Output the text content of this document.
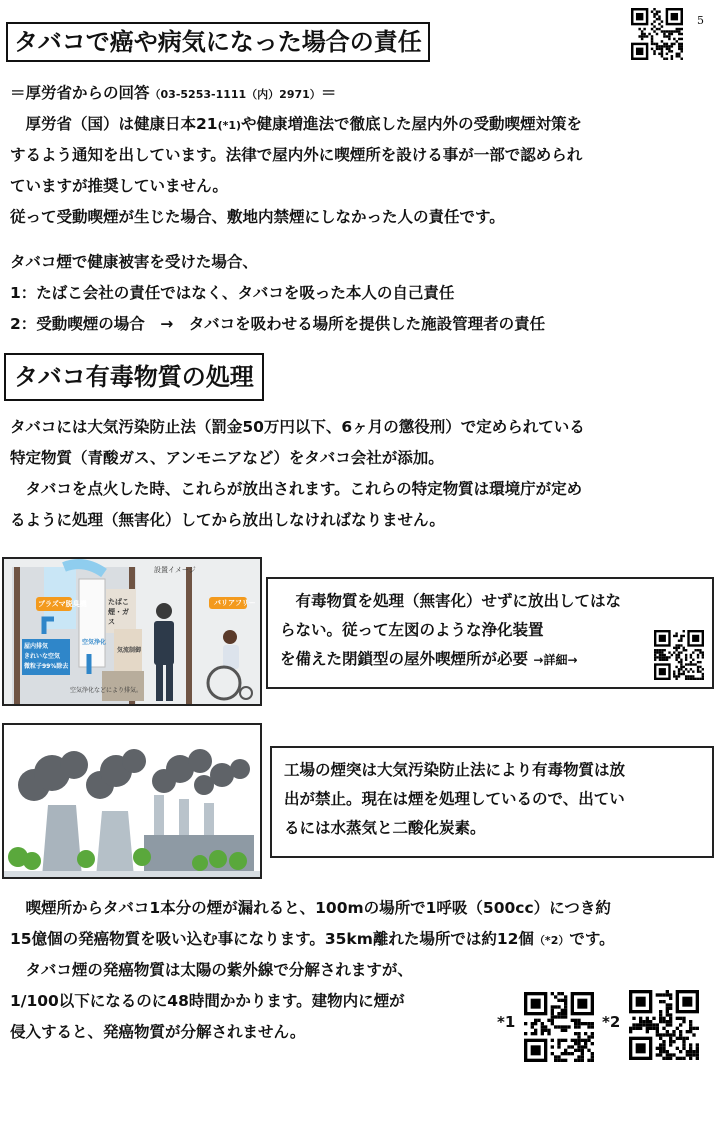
5
タバコで癌や病気になった場合の責任
＝厚労省からの回答（03-5253-1111（内）2971）＝
　厚労省（国）は健康日本21(*1)や健康増進法で徹底した屋内外の受動喫煙対策を
するよう通知を出しています。法律で屋内外に喫煙所を設ける事が一部で認められ
ていますが推奨していません。
従って受動喫煙が生じた場合、敷地内禁煙にしなかった人の責任です。
タバコ煙で健康被害を受けた場合、
1：たばこ会社の責任ではなく、タバコを吸った本人の自己責任
2：受動喫煙の場合　→　タバコを吸わせる場所を提供した施設管理者の責任
タバコ有毒物質の処理
タバコには大気汚染防止法（罰金50万円以下、6ヶ月の懲役刑）で定められている
特定物質（青酸ガス、アンモニアなど）をタバコ会社が添加。
　タバコを点火した時、これらが放出されます。これらの特定物質は環境庁が定め
るように処理（無害化）してから放出しなければなりません。
設置イメージ
プラズマ脱臭機	バリアフリー
屋内排気
きれいな空気
微粒子99%除去
たばこ煙・ガス
空気浄化
気流制御
空気浄化などにより排気。
　有毒物質を処理（無害化）せずに放出してはな
らない。従って左図のような浄化装置
を備えた閉鎖型の屋外喫煙所が必要 →詳細→
工場の煙突は大気汚染防止法により有毒物質は放
出が禁止。現在は煙を処理しているので、出てい
るには水蒸気と二酸化炭素。
　喫煙所からタバコ1本分の煙が漏れると、100mの場所で1呼吸（500cc）につき約
15億個の発癌物質を吸い込む事になります。35km離れた場所では約12個（*2）です。
　タバコ煙の発癌物質は太陽の紫外線で分解されますが、
1/100以下になるのに48時間かかります。建物内に煙が
侵入すると、発癌物質が分解されません。
*1	*2
